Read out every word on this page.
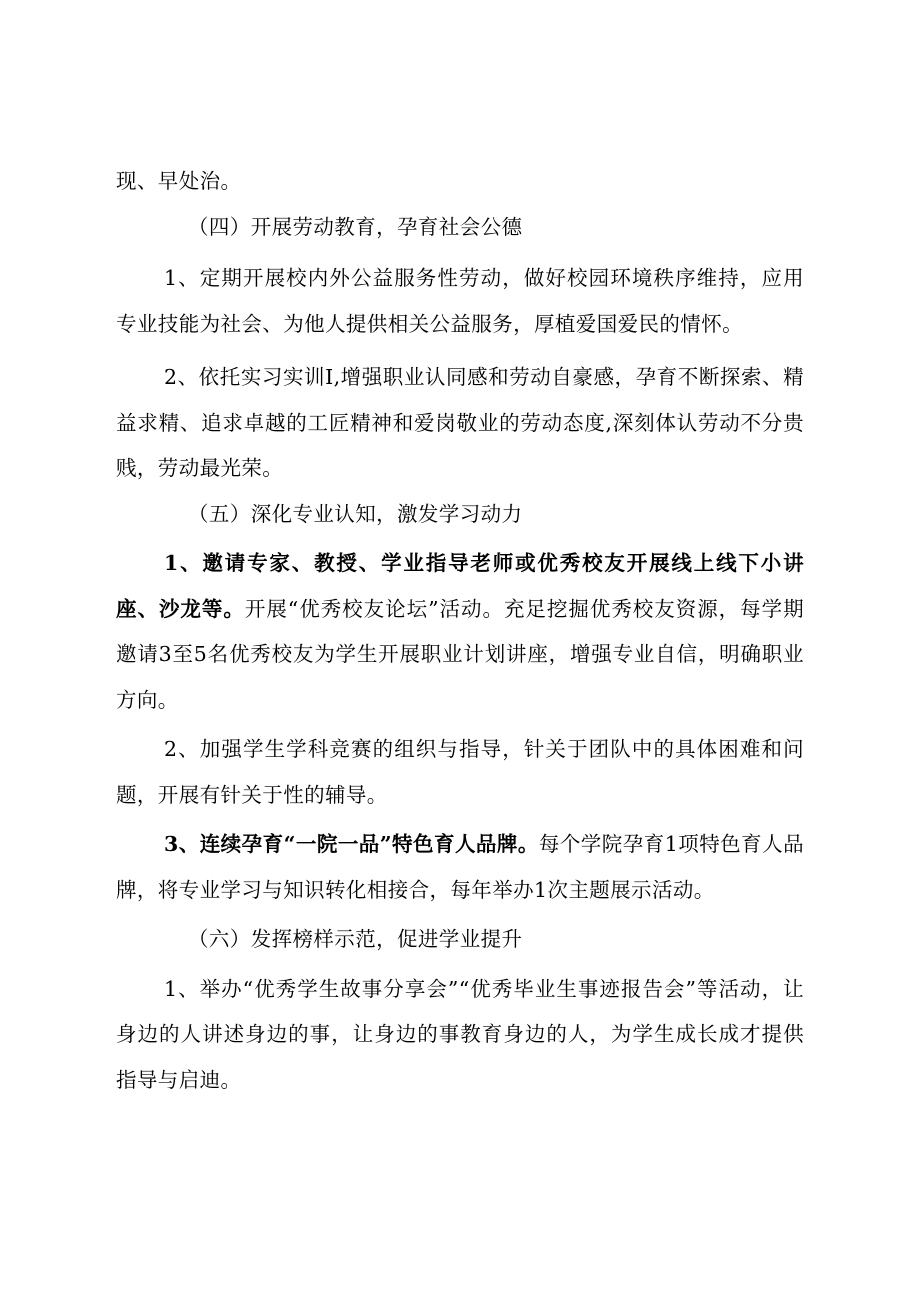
现、早处治。

（四）开展劳动教育，孕育社会公德

1、定期开展校内外公益服务性劳动，做好校园环境秩序维持，应用专业技能为社会、为他人提供相关公益服务，厚植爱国爱民的情怀。

2、依托实习实训I,增强职业认同感和劳动自豪感，孕育不断探索、精益求精、追求卓越的工匠精神和爱岗敬业的劳动态度,深刻体认劳动不分贵贱，劳动最光荣。

（五）深化专业认知，激发学习动力

1、邀请专家、教授、学业指导老师或优秀校友开展线上线下小讲座、沙龙等。开展“优秀校友论坛”活动。充足挖掘优秀校友资源，每学期邀请3至5名优秀校友为学生开展职业计划讲座，增强专业自信，明确职业方向。

2、加强学生学科竞赛的组织与指导，针关于团队中的具体困难和问题，开展有针关于性的辅导。

3、连续孕育“一院一品”特色育人品牌。每个学院孕育1项特色育人品牌，将专业学习与知识转化相接合，每年举办1次主题展示活动。

（六）发挥榜样示范，促进学业提升

1、举办“优秀学生故事分享会”“优秀毕业生事迹报告会”等活动，让身边的人讲述身边的事，让身边的事教育身边的人，为学生成长成才提供指导与启迪。
